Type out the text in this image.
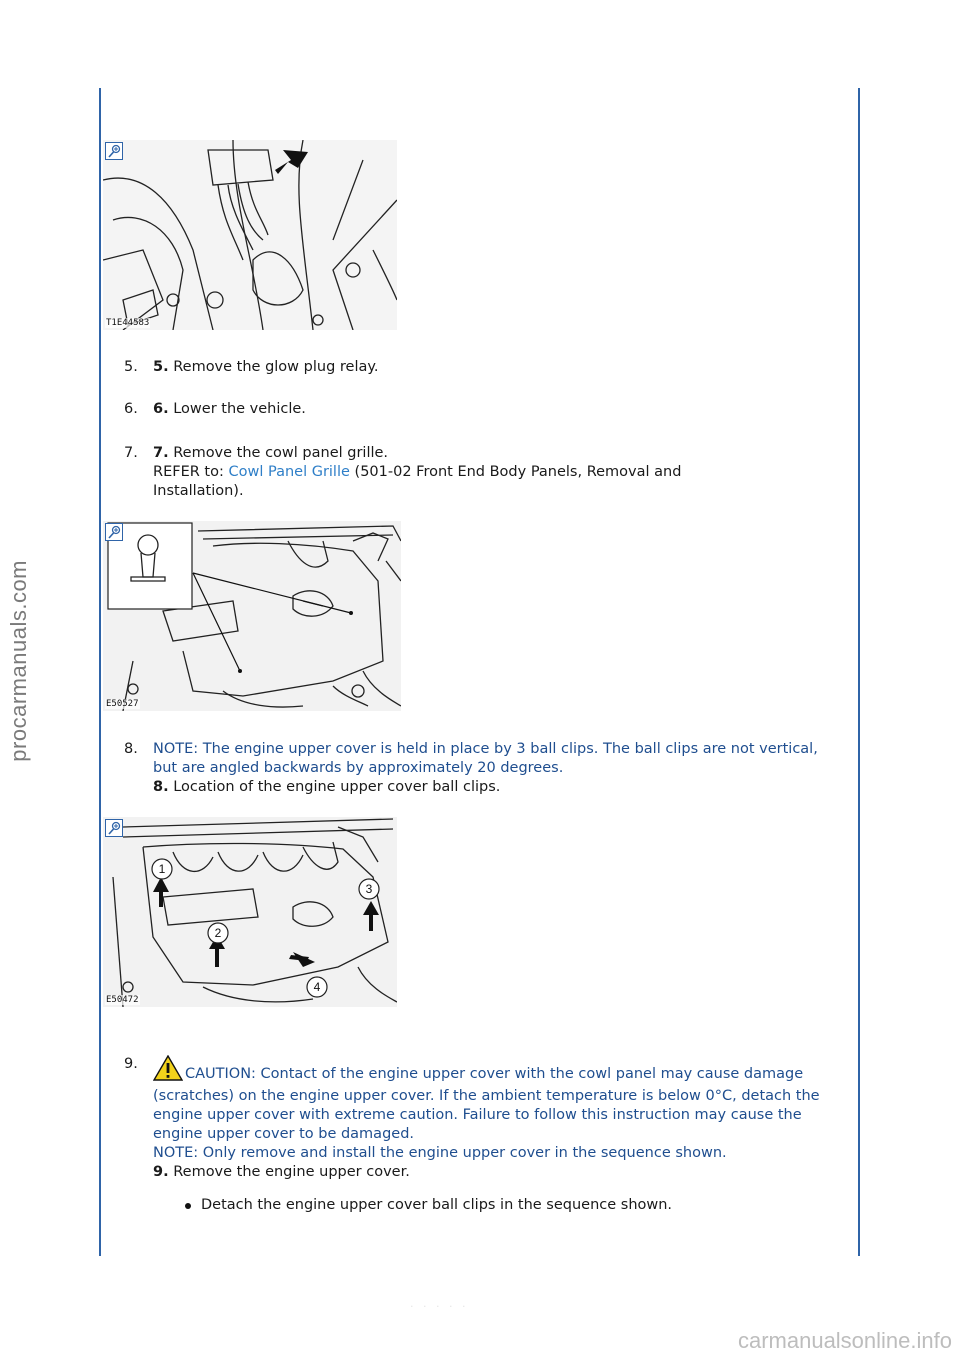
procarmanuals.com
carmanualsonline.info
· · · · ·
T1E44583
5.	5. Remove the glow plug relay.
6.	6. Lower the vehicle.
7.	7. Remove the cowl panel grille.
REFER to: Cowl Panel Grille (501-02 Front End Body Panels, Removal and Installation).
E50527
8.	NOTE: The engine upper cover is held in place by 3 ball clips. The ball clips are not vertical, but are angled backwards by approximately 20 degrees.
8. Location of the engine upper cover ball clips.
1
2
3
4
E50472
9.
CAUTION: Contact of the engine upper cover with the cowl panel may cause damage (scratches) on the engine upper cover. If the ambient temperature is below 0°C, detach the engine upper cover with extreme caution. Failure to follow this instruction may cause the engine upper cover to be damaged.
NOTE: Only remove and install the engine upper cover in the sequence shown.
9. Remove the engine upper cover.
Detach the engine upper cover ball clips in the sequence shown.
